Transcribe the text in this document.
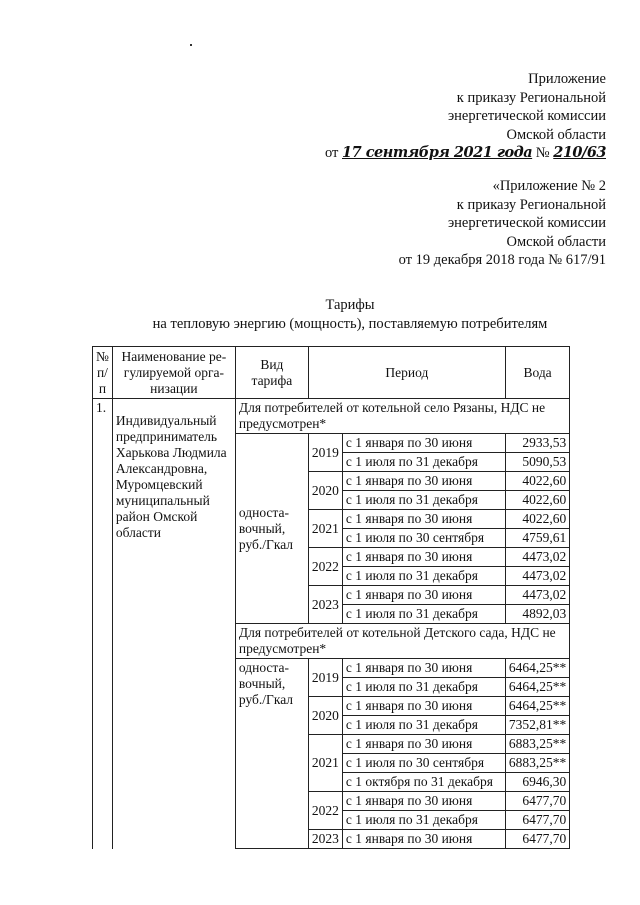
Приложение
к приказу Региональной
энергетической комиссии
Омской области
от 17 сентября 2021 года № 210/63
«Приложение № 2
к приказу Региональной
энергетической комиссии
Омской области
от 19 декабря 2018 года № 617/91
Тарифы
на тепловую энергию (мощность), поставляемую потребителям
№ п/ п	Наименование ре-гулируемой орга-низации	Вид тарифа	Период		Вода
1.	Индивидуальный предприниматель Харькова Людмила Александровна, Муромцевский муниципальный район Омской области	Для потребителей от котельной село Рязаны, НДС не предусмотрен*			
		односта-вочный, руб./Гкал	2019	с 1 января по 30 июня	2933,53
				с 1 июля по 31 декабря	5090,53
			2020	с 1 января по 30 июня	4022,60
				с 1 июля по 31 декабря	4022,60
			2021	с 1 января по 30 июня	4022,60
				с 1 июля по 30 сентября	4759,61
			2022	с 1 января по 30 июня	4473,02
				с 1 июля по 31 декабря	4473,02
			2023	с 1 января по 30 июня	4473,02
				с 1 июля по 31 декабря	4892,03
		Для потребителей от котельной Детского сада, НДС не предусмотрен*			
		односта-вочный, руб./Гкал	2019	с 1 января по 30 июня	6464,25**
				с 1 июля по 31 декабря	6464,25**
			2020	с 1 января по 30 июня	6464,25**
				с 1 июля по 31 декабря	7352,81**
			2021	с 1 января по 30 июня	6883,25**
				с 1 июля по 30 сентября	6883,25**
				с 1 октября по 31 декабря	6946,30
			2022	с 1 января по 30 июня	6477,70
				с 1 июля по 31 декабря	6477,70
			2023	с 1 января по 30 июня	6477,70
